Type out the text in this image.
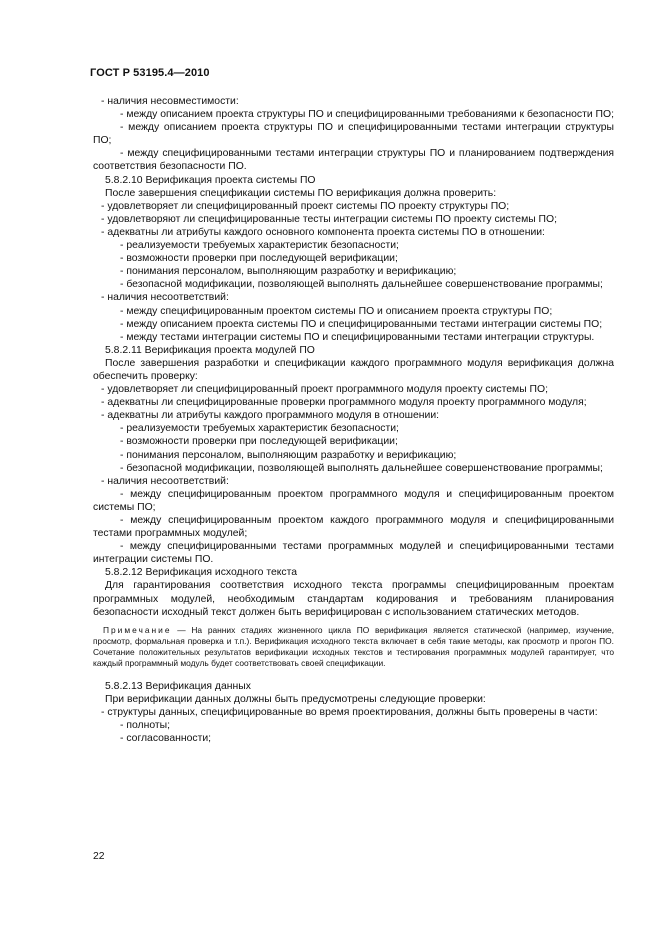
ГОСТ Р 53195.4—2010
- наличия несовместимости:
- между описанием проекта структуры ПО и специфицированными требованиями к безопасности ПО;
- между описанием проекта структуры ПО и специфицированными тестами интеграции структуры ПО;
- между специфицированными тестами интеграции структуры ПО и планированием подтверждения соответствия безопасности ПО.
5.8.2.10 Верификация проекта системы ПО
После завершения спецификации системы ПО верификация должна проверить:
- удовлетворяет ли специфицированный проект системы ПО проекту структуры ПО;
- удовлетворяют ли специфицированные тесты интеграции системы ПО проекту системы ПО;
- адекватны ли атрибуты каждого основного компонента проекта системы ПО в отношении:
- реализуемости требуемых характеристик безопасности;
- возможности проверки при последующей верификации;
- понимания персоналом, выполняющим разработку и верификацию;
- безопасной модификации, позволяющей выполнять дальнейшее совершенствование программы;
- наличия несоответствий:
- между специфицированным проектом системы ПО и описанием проекта структуры ПО;
- между описанием проекта системы ПО и специфицированными тестами интеграции системы ПО;
- между тестами интеграции системы ПО и специфицированными тестами интеграции структуры.
5.8.2.11 Верификация проекта модулей ПО
После завершения разработки и спецификации каждого программного модуля верификация должна обеспечить проверку:
- удовлетворяет ли специфицированный проект программного модуля проекту системы ПО;
- адекватны ли специфицированные проверки программного модуля проекту программного модуля;
- адекватны ли атрибуты каждого программного модуля в отношении:
- реализуемости требуемых характеристик безопасности;
- возможности проверки при последующей верификации;
- понимания персоналом, выполняющим разработку и верификацию;
- безопасной модификации, позволяющей выполнять дальнейшее совершенствование программы;
- наличия несоответствий:
- между специфицированным проектом программного модуля и специфицированным проектом системы ПО;
- между специфицированным проектом каждого программного модуля и специфицированными тестами программных модулей;
- между специфицированными тестами программных модулей и специфицированными тестами интеграции системы ПО.
5.8.2.12 Верификация исходного текста
Для гарантирования соответствия исходного текста программы специфицированным проектам программных модулей, необходимым стандартам кодирования и требованиям планирования безопасности исходный текст должен быть верифицирован с использованием статических методов.
Примечание — На ранних стадиях жизненного цикла ПО верификация является статической (например, изучение, просмотр, формальная проверка и т.п.). Верификация исходного текста включает в себя такие методы, как просмотр и прогон ПО. Сочетание положительных результатов верификации исходных текстов и тестирования программных модулей гарантирует, что каждый программный модуль будет соответствовать своей спецификации.
5.8.2.13 Верификация данных
При верификации данных должны быть предусмотрены следующие проверки:
- структуры данных, специфицированные во время проектирования, должны быть проверены в части:
- полноты;
- согласованности;
22
